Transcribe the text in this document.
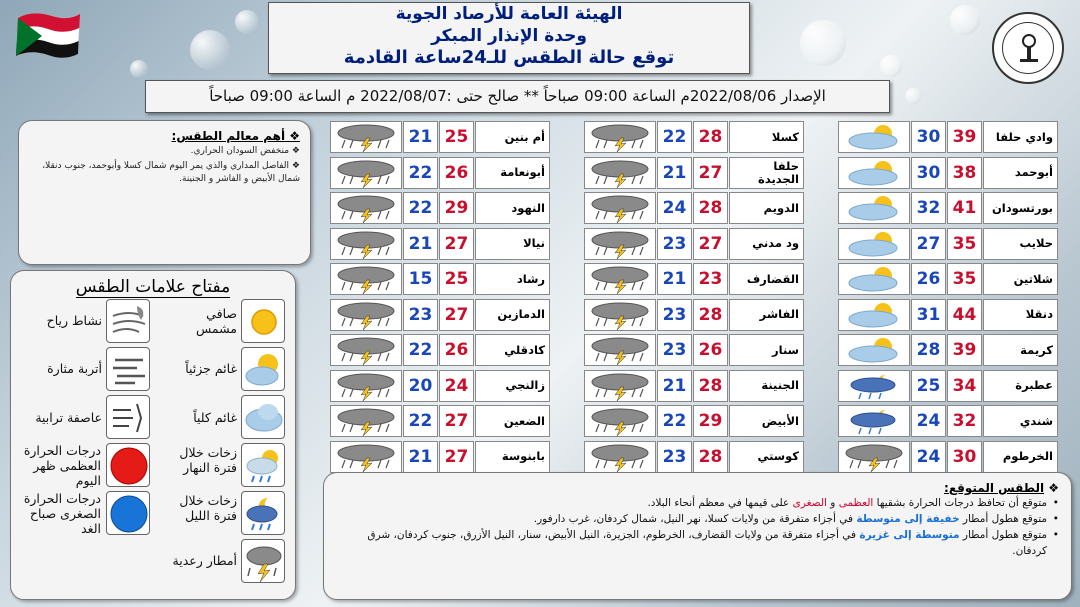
الهيئة العامة للأرصاد الجوية
وحدة الإنذار المبكر
توقع حالة الطقس للـ24ساعة القادمة
الإصدار 2022/08/06م الساعة 09:00 صباحاً ** صالح حتى :2022/08/07 م الساعة 09:00 صباحاً
❖ أهم معالم الطقس:
❖ منخفض السودان الحراري.
❖ الفاصل المداري والذي يمر اليوم شمال كسلا وأبوحمد، جنوب دنقلا، شمال الأبيض و الفاشر و الجنينة.
مفتاح علامات الطقس
صافي مشمس
نشاط رياح
غائم جزئياً
أتربة مثارة
غائم كلياً
عاصفة ترابية
زخات خلال فترة النهار
درجات الحرارة العظمى ظهر اليوم
زخات خلال فترة الليل
درجات الحرارة الصغرى صباح الغد
أمطار رعدية
30 39	وادي حلفا
30 38	أبوحمد
32 41	بورتسودان
27 35	حلايب
26 35	شلاتين
31 44	دنقلا
28 39	كريمة
25 34	عطبرة
24 32	شندي
24 30	الخرطوم
22 28	كسلا
21 27	حلفا الجديدة
24 28	الدويم
23 27	ود مدني
21 23	القضارف
23 28	الفاشر
23 26	سنار
21 28	الجنينة
22 29	الأبيض
23 28	كوستي
21 25	أم بنين
22 26	أبونعامة
22 29	النهود
21 27	نيالا
15 25	رشاد
23 27	الدمازين
22 26	كادقلي
20 24	زالنجي
22 27	الضعين
21 27	بابنوسة
❖ الطقس المتوقع:
• متوقع أن تحافظ درجات الحرارة بشقيها العظمى و الصغرى على قيمها في معظم أنحاء البلاد.
• متوقع هطول أمطار خفيفة إلى متوسطة في أجزاء متفرقة من ولايات كسلا، نهر النيل، شمال كردفان، غرب دارفور.
• متوقع هطول أمطار متوسطة إلى غزيرة في أجزاء متفرقة من ولايات القضارف، الخرطوم، الجزيرة، النيل الأبيض، سنار، النيل الأزرق، جنوب كردفان، شرق كردفان.
